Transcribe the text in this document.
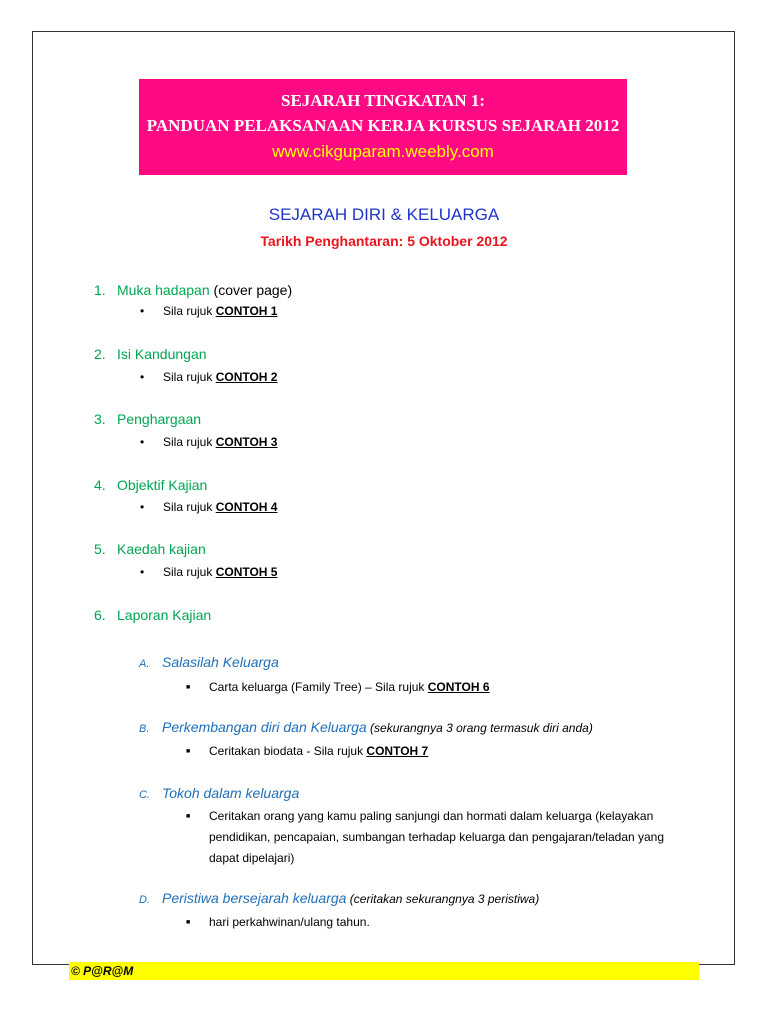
SEJARAH TINGKATAN 1:
PANDUAN PELAKSANAAN KERJA KURSUS SEJARAH 2012
www.cikguparam.weebly.com
SEJARAH DIRI & KELUARGA
Tarikh Penghantaran: 5 Oktober 2012
1. Muka hadapan (cover page)
• Sila rujuk CONTOH 1
2. Isi Kandungan
• Sila rujuk CONTOH 2
3. Penghargaan
• Sila rujuk CONTOH 3
4. Objektif Kajian
• Sila rujuk CONTOH 4
5. Kaedah kajian
• Sila rujuk CONTOH 5
6. Laporan Kajian
A. Salasilah Keluarga
■ Carta keluarga (Family Tree) – Sila rujuk CONTOH 6
B. Perkembangan diri dan Keluarga (sekurangnya 3 orang termasuk diri anda)
■ Ceritakan biodata - Sila rujuk CONTOH 7
C. Tokoh dalam keluarga
■ Ceritakan orang yang kamu paling sanjungi dan hormati dalam keluarga (kelayakan pendidikan, pencapaian, sumbangan terhadap keluarga dan pengajaran/teladan yang dapat dipelajari)
D. Peristiwa bersejarah keluarga (ceritakan sekurangnya 3 peristiwa)
■ hari perkahwinan/ulang tahun.
© P@R@M
